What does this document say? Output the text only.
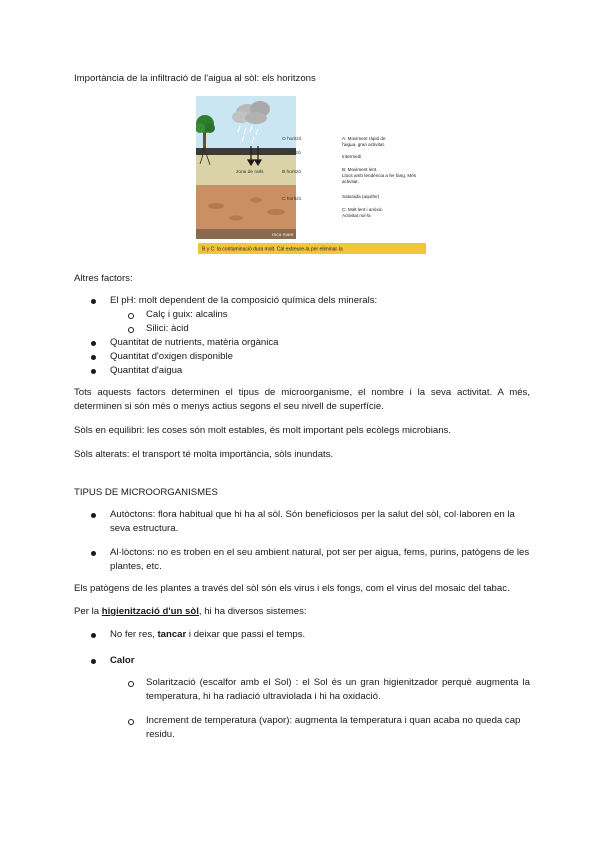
Importància de la infiltració de l'aigua al sòl: els horitzons

O horitzó
A horitzó
B horitzó
C horitzó
roca mare
zona de raïls
A: Moviment ràpid de l'aigua, gran activitat.
Intermedi
B: Moviment lent. Llocs amb tendència a fer fang. Més activitat.
Saturada (aquífer)
C: Molt lent i anòxic. Activitat nul·la
B y C: la contaminació dura molt. Cal extreure-la per eliminar-la

Altres factors:

El pH: molt dependent de la composició química dels minerals:
Calç i guix: alcalins
Silici: àcid
Quantitat de nutrients, matèria orgànica
Quantitat d'oxigen disponible
Quantitat d'aigua

Tots aquests factors determinen el tipus de microorganisme, el nombre i la seva activitat. A més, determinen si són més o menys actius segons el seu nivell de superfície.

Sòls en equilibri: les coses són molt estables, és molt important pels ecòlegs microbians.

Sòls alterats: el transport té molta importància, sòls inundats.

TIPUS DE MICROORGANISMES

Autòctons: flora habitual que hi ha al sòl. Són beneficiosos per la salut del sòl, col·laboren en la seva estructura.
Al·lòctons: no es troben en el seu ambient natural, pot ser per aigua, fems, purins, patògens de les plantes, etc.

Els patògens de les plantes a través del sòl són els virus i els fongs, com el virus del mosaic del tabac.

Per la higienització d'un sòl, hi ha diversos sistemes:

No fer res, tancar i deixar que passi el temps.
Calor
Solarització (escalfor amb el Sol) : el Sol és un gran higienitzador perquè augmenta la temperatura, hi ha radiació ultraviolada i hi ha oxidació.
Increment de temperatura (vapor): augmenta la temperatura i quan acaba no queda cap residu.
